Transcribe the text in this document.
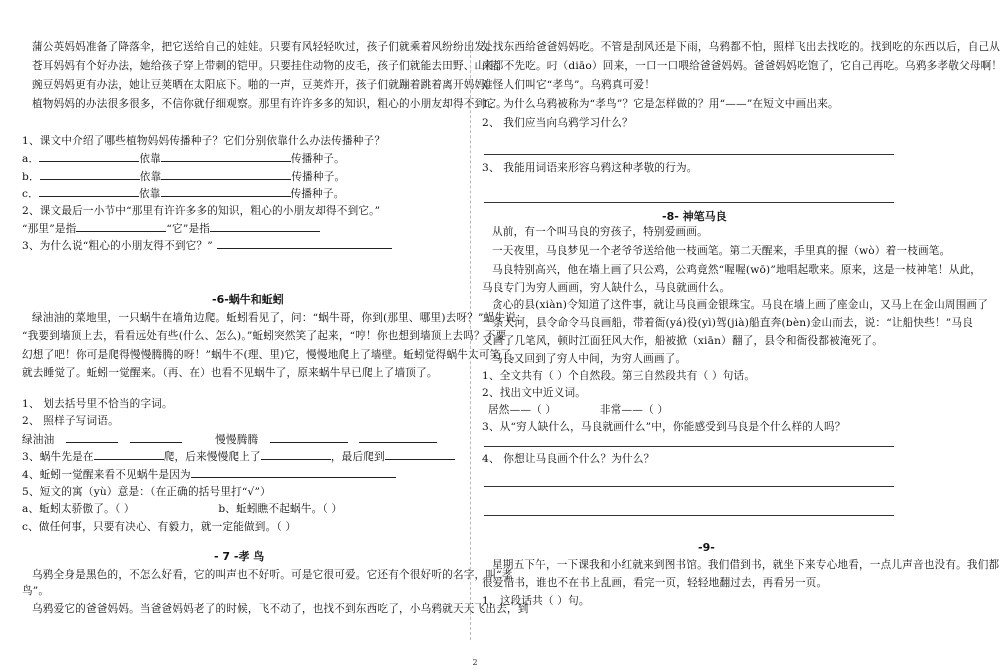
蒲公英妈妈准备了降落伞，把它送给自己的娃娃。只要有风轻轻吹过，孩子们就乘着风纷纷出发。
苍耳妈妈有个好办法，她给孩子穿上带刺的铠甲。只要挂住动物的皮毛，孩子们就能去田野、山洼。
豌豆妈妈更有办法，她让豆荚晒在太阳底下。啪的一声，豆荚炸开，孩子们就蹦着跳着离开妈妈。
植物妈妈的办法很多很多，不信你就仔细观察。那里有许许多多的知识，粗心的小朋友却得不到它。
1、课文中介绍了哪些植物妈妈传播种子？它们分别依靠什么办法传播种子？
a．	依靠	传播种子。
b．	依靠	传播种子。
c．	依靠	传播种子。
2、课文最后一小节中“那里有许许多多的知识，粗心的小朋友却得不到它。”
“那里”是指	“它”是指
3、为什么说“粗心的小朋友得不到它？”
-6-蜗牛和蚯蚓
绿油油的菜地里，一只蜗牛在墙角边爬。蚯蚓看见了，问：“蜗牛哥，你到(那里、哪里)去呀？”蜗牛说：
“我要到墙顶上去，看看远处有些(什么、怎么)。”蚯蚓突然笑了起来，“哼！你也想到墙顶上去吗？不要
幻想了吧！你可是爬得慢慢腾腾的呀！”蜗牛不(理、里)它，慢慢地爬上了墙壁。蚯蚓觉得蜗牛太可笑了，
就去睡觉了。蚯蚓一觉醒来。（再、在）也看不见蜗牛了，原来蜗牛早已爬上了墙顶了。
1、 划去括号里不恰当的字词。
2、 照样子写词语。
绿油油	慢慢腾腾
3、蜗牛先是在	爬，后来慢慢爬上了	，最后爬到
4、蚯蚓一觉醒来看不见蜗牛是因为
5、短文的寓（yù）意是：（在正确的括号里打“√”）
a、蚯蚓太骄傲了。（ ）	b、蚯蚓瞧不起蜗牛。（ ）
c、做任何事，只要有决心、有毅力，就一定能做到。（ ）
- 7 -孝 鸟
乌鸦全身是黑色的，不怎么好看，它的叫声也不好听。可是它很可爱。它还有个很好听的名字，叫“孝
鸟”。
乌鸦爱它的爸爸妈妈。当爸爸妈妈老了的时候，飞不动了，也找不到东西吃了，小乌鸦就天天飞出去，到
处找东西给爸爸妈妈吃。不管是刮风还是下雨，乌鸦都不怕，照样飞出去找吃的。找到吃的东西以后，自己从
来都不先吃。叼（diāo）回来，一口一口喂给爸爸妈妈。爸爸妈妈吃饱了，它自己再吃。乌鸦多孝敬父母啊！
难怪人们叫它“孝鸟”。乌鸦真可爱！
1、 为什么乌鸦被称为“孝鸟”？它是怎样做的？用“——”在短文中画出来。
2、 我们应当向乌鸦学习什么？
3、 我能用词语来形容乌鸦这种孝敬的行为。
-8- 神笔马良
从前，有一个叫马良的穷孩子，特别爱画画。
一天夜里，马良梦见一个老爷爷送给他一枝画笔。第二天醒来，手里真的握（wò）着一枝画笔。
马良特别高兴，他在墙上画了只公鸡，公鸡竟然“喔喔(wō)”地唱起歌来。原来，这是一枝神笔！从此，
马良专门为穷人画画，穷人缺什么，马良就画什么。
贪心的县(xiàn)令知道了这件事，就让马良画金银珠宝。马良在墙上画了座金山，又马上在金山周围画了
一条大河，县令命令马良画船，带着衙(yá)役(yì)驾(jià)船直奔(bèn)金山而去，说：“让船快些！”马良
又画了几笔风，顿时江面狂风大作，船被掀（xiān）翻了，县令和衙役都被淹死了。
马良又回到了穷人中间，为穷人画画了。
1、全文共有（ ）个自然段。第三自然段共有（ ）句话。
2、找出文中近义词。
居然——（ ）	非常——（ ）
3、从“穷人缺什么，马良就画什么”中，你能感受到马良是个什么样的人吗？
4、 你想让马良画个什么？为什么？
-9-
星期五下午，一下课我和小红就来到图书馆。我们借到书，就坐下来专心地看，一点儿声音也没有。我们都
很爱惜书，谁也不在书上乱画，看完一页，轻轻地翻过去，再看另一页。
1、这段话共（ ）句。
2
